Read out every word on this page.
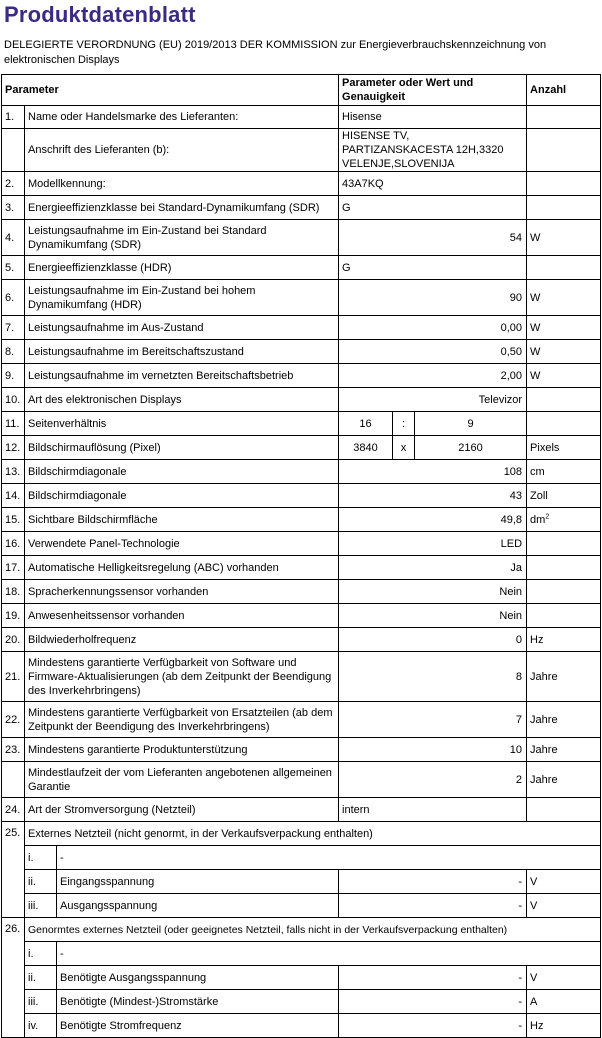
Produktdatenblatt
DELEGIERTE VERORDNUNG (EU) 2019/2013 DER KOMMISSION zur Energieverbrauchskennzeichnung von elektronischen Displays
Parameter			Parameter oder Wert und Genauigkeit			Anzahl
1.	Name oder Handelsmarke des Lieferanten:		Hisense			
	Anschrift des Lieferanten (b):		HISENSE TV, PARTIZANSKACESTA 12H,3320 VELENJE,SLOVENIJA			
2.	Modellkennung:		43A7KQ			
3.	Energieeffizienzklasse bei Standard-Dynamikumfang (SDR)		G			
4.	Leistungsaufnahme im Ein-Zustand bei Standard Dynamikumfang (SDR)		54			W
5.	Energieeffizienzklasse (HDR)		G			
6.	Leistungsaufnahme im Ein-Zustand bei hohem Dynamikumfang (HDR)		90			W
7.	Leistungsaufnahme im Aus-Zustand		0,00			W
8.	Leistungsaufnahme im Bereitschaftszustand		0,50			W
9.	Leistungsaufnahme im vernetzten Bereitschaftsbetrieb		2,00			W
10.	Art des elektronischen Displays		Televizor			
11.	Seitenverhältnis		16	:	9	
12.	Bildschirmauflösung (Pixel)		3840	x	2160	Pixels
13.	Bildschirmdiagonale		108			cm
14.	Bildschirmdiagonale		43			Zoll
15.	Sichtbare Bildschirmfläche		49,8			$dm^2$
16.	Verwendete Panel-Technologie		LED			
17.	Automatische Helligkeitsregelung (ABC) vorhanden		Ja			
18.	Spracherkennungssensor vorhanden		Nein			
19.	Anwesenheitssensor vorhanden		Nein			
20.	Bildwiederholfrequenz		0			Hz
21.	Mindestens garantierte Verfügbarkeit von Software und Firmware-Aktualisierungen (ab dem Zeitpunkt der Beendigung des Inverkehrbringens)		8			Jahre
22.	Mindestens garantierte Verfügbarkeit von Ersatzteilen (ab dem Zeitpunkt der Beendigung des Inverkehrbringens)		7			Jahre
23.	Mindestens garantierte Produktunterstützung		10			Jahre
	Mindestlaufzeit der vom Lieferanten angebotenen allgemeinen Garantie		2			Jahre
24.	Art der Stromversorgung (Netzteil)		intern			
25.	Externes Netzteil (nicht genormt, in der Verkaufsverpackung enthalten)					
	i.	-				
	ii.	Eingangsspannung	-			V
	iii.	Ausgangsspannung	-			V
26.	Genormtes externes Netzteil (oder geeignetes Netzteil, falls nicht in der Verkaufsverpackung enthalten)					
	i.	-				
	ii.	Benötigte Ausgangsspannung	-			V
	iii.	Benötigte (Mindest-)Stromstärke	-			A
	iv.	Benötigte Stromfrequenz	-			Hz
